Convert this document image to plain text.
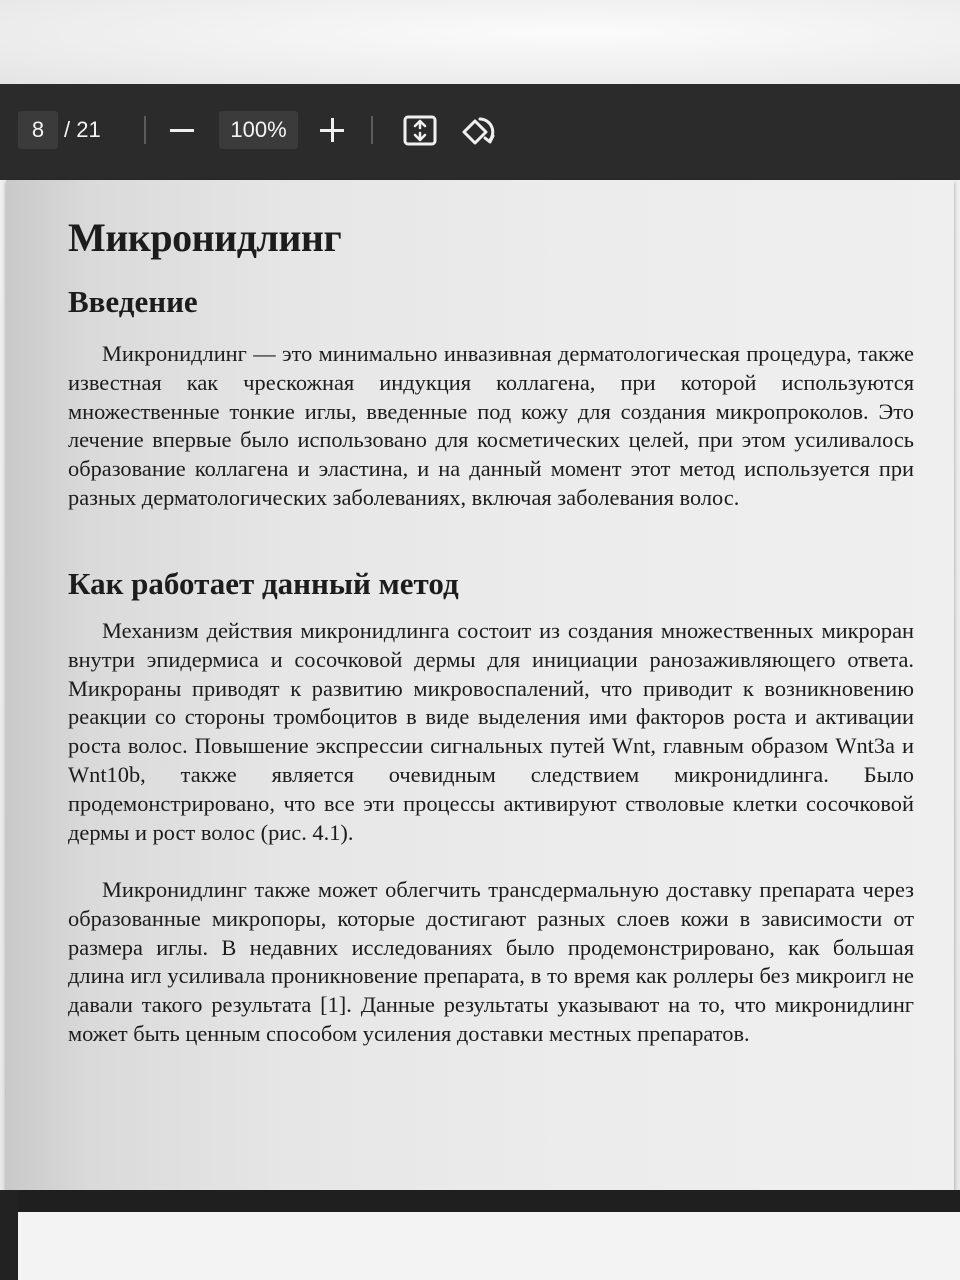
8 / 21	100%
Микронидлинг
Введение

Микронидлинг — это минимально инвазивная дерматологическая процедура, также известная как чрескожная индукция коллагена, при которой используются множественные тонкие иглы, введенные под кожу для создания микропроколов. Это лечение впервые было использовано для косметических целей, при этом усиливалось образование коллагена и эластина, и на данный момент этот метод используется при разных дерматологических заболеваниях, включая заболевания волос.

Как работает данный метод

Механизм действия микронидлинга состоит из создания множественных микроран внутри эпидермиса и сосочковой дермы для инициации ранозаживляющего ответа. Микрораны приводят к развитию микровоспалений, что приводит к возникновению реакции со стороны тромбоцитов в виде выделения ими факторов роста и активации роста волос. Повышение экспрессии сигнальных путей Wnt, главным образом Wnt3a и Wnt10b, также является очевидным следствием микронидлинга. Было продемонстрировано, что все эти процессы активируют стволовые клетки сосочковой дермы и рост волос (рис. 4.1).

Микронидлинг также может облегчить трансдермальную доставку препарата через образованные микропоры, которые достигают разных слоев кожи в зависимости от размера иглы. В недавних исследованиях было продемонстрировано, как большая длина игл усиливала проникновение препарата, в то время как роллеры без микроигл не давали такого результата [1]. Данные результаты указывают на то, что микронидлинг может быть ценным способом усиления доставки местных препаратов.
